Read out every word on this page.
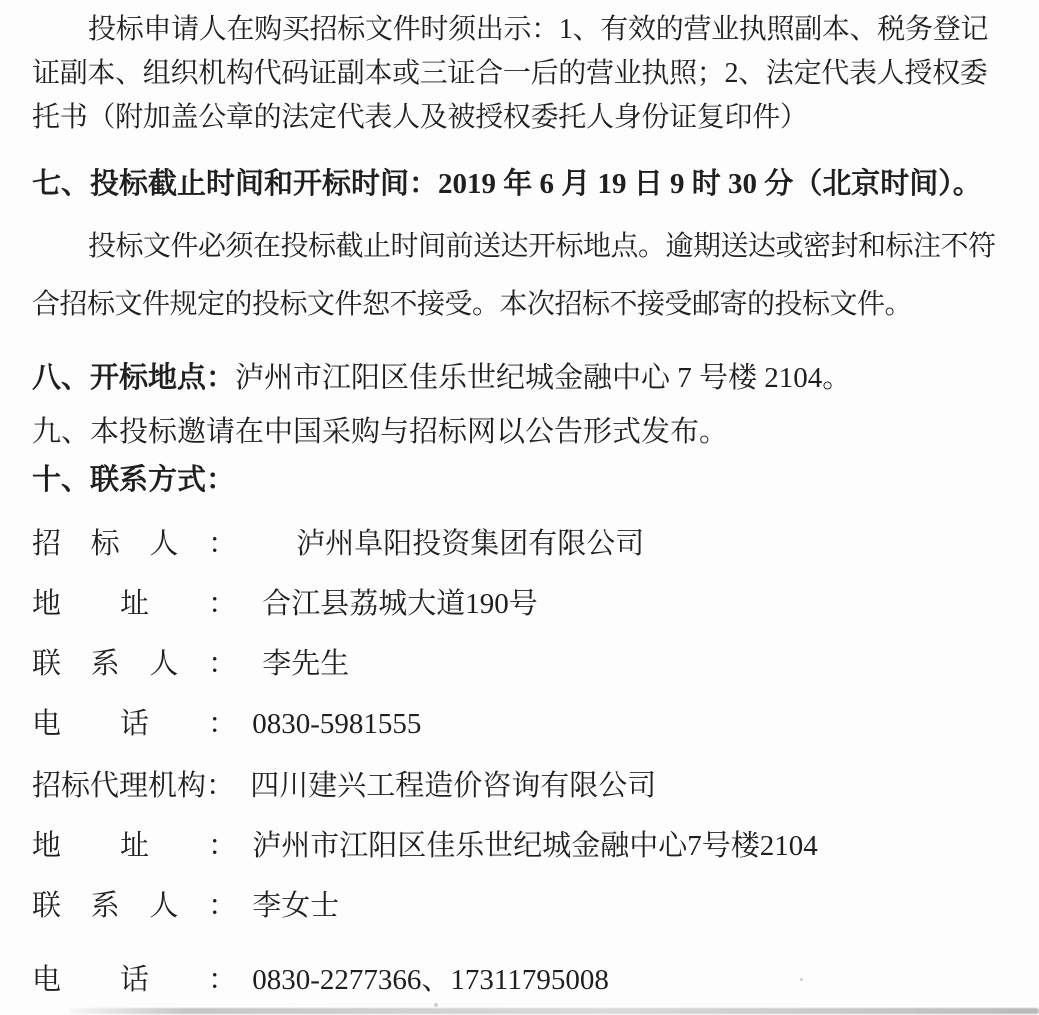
投标申请人在购买招标文件时须出示：1、有效的营业执照副本、税务登记
证副本、组织机构代码证副本或三证合一后的营业执照；2、法定代表人授权委
托书（附加盖公章的法定代表人及被授权委托人身份证复印件）
七、投标截止时间和开标时间：2019 年 6 月 19 日 9 时 30 分（北京时间）。
投标文件必须在投标截止时间前送达开标地点。逾期送达或密封和标注不符
合招标文件规定的投标文件恕不接受。本次招标不接受邮寄的投标文件。
八、开标地点：泸州市江阳区佳乐世纪城金融中心 7 号楼 2104。
九、本投标邀请在中国采购与招标网以公告形式发布。
十、联系方式：
招标人： 泸州阜阳投资集团有限公司
地址： 合江县荔城大道190号
联系人： 李先生
电话： 0830-5981555
招标代理机构： 四川建兴工程造价咨询有限公司
地址： 泸州市江阳区佳乐世纪城金融中心7号楼2104
联系人： 李女士
电话： 0830-2277366、17311795008
